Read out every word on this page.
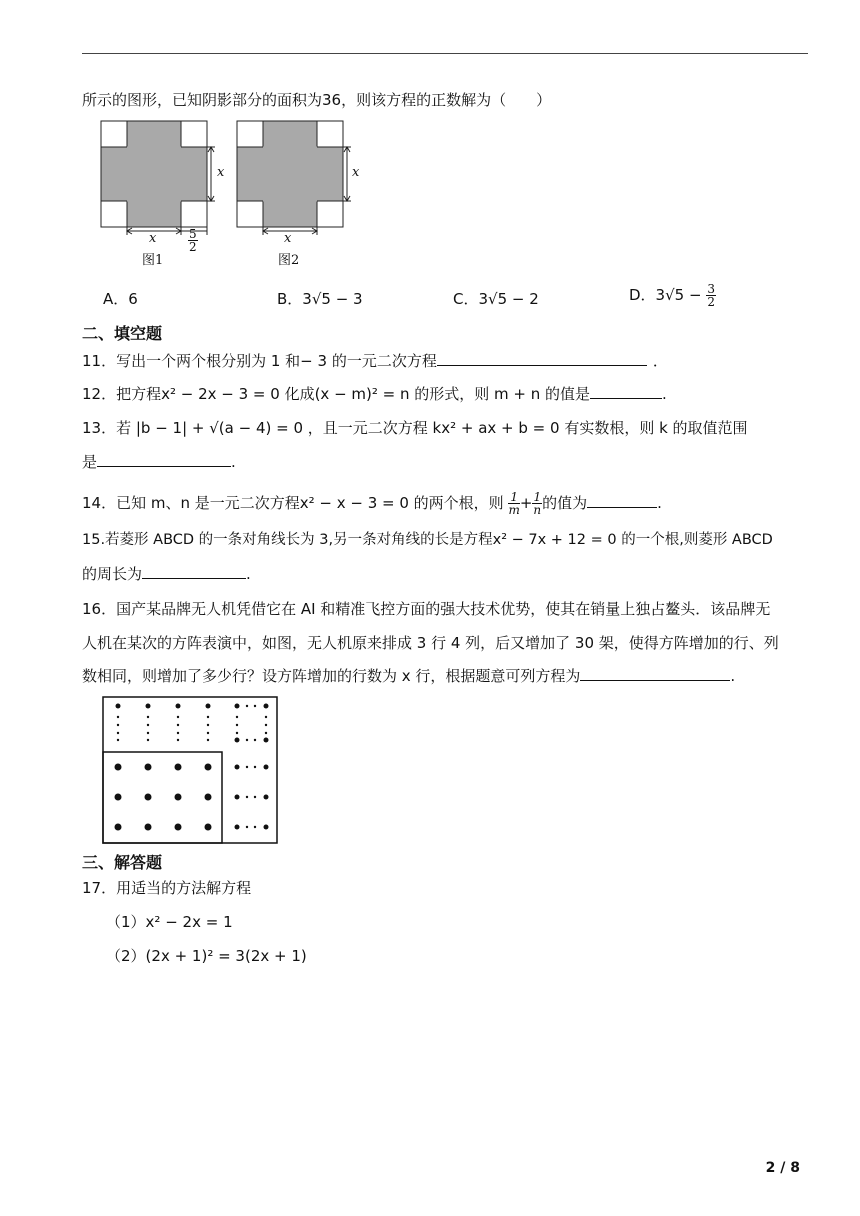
所示的图形，已知阴影部分的面积为36，则该方程的正数解为（　　）
x
x	$\frac{5}{2}$
图1
x
x
图2
A．6	B．3√5 − 3	C．3√5 − 2	D．$3√5 - \frac{3}{2}$
二、填空题
11．写出一个两个根分别为 1 和− 3 的一元二次方程	．
12．把方程x² − 2x − 3 = 0 化成(x − m)² = n 的形式，则 m + n 的值是	.
13．若 |b − 1| + √(a − 4) = 0 ，且一元二次方程 kx² + ax + b = 0 有实数根，则 k 的取值范围
是	.
14．已知 m、n 是一元二次方程x² − x − 3 = 0 的两个根，则 $\frac{1}{m} + \frac{1}{n}$ 的值为	.
15.若菱形 ABCD 的一条对角线长为 3,另一条对角线的长是方程x² − 7x + 12 = 0 的一个根,则菱形 ABCD
的周长为	.
16．国产某品牌无人机凭借它在 AI 和精准飞控方面的强大技术优势，使其在销量上独占鳌头．该品牌无
人机在某次的方阵表演中，如图，无人机原来排成 3 行 4 列，后又增加了 30 架，使得方阵增加的行、列
数相同，则增加了多少行？设方阵增加的行数为 x 行，根据题意可列方程为	.
三、解答题
17．用适当的方法解方程
（1）x² − 2x = 1
（2）(2x + 1)² = 3(2x + 1)
2 / 8
